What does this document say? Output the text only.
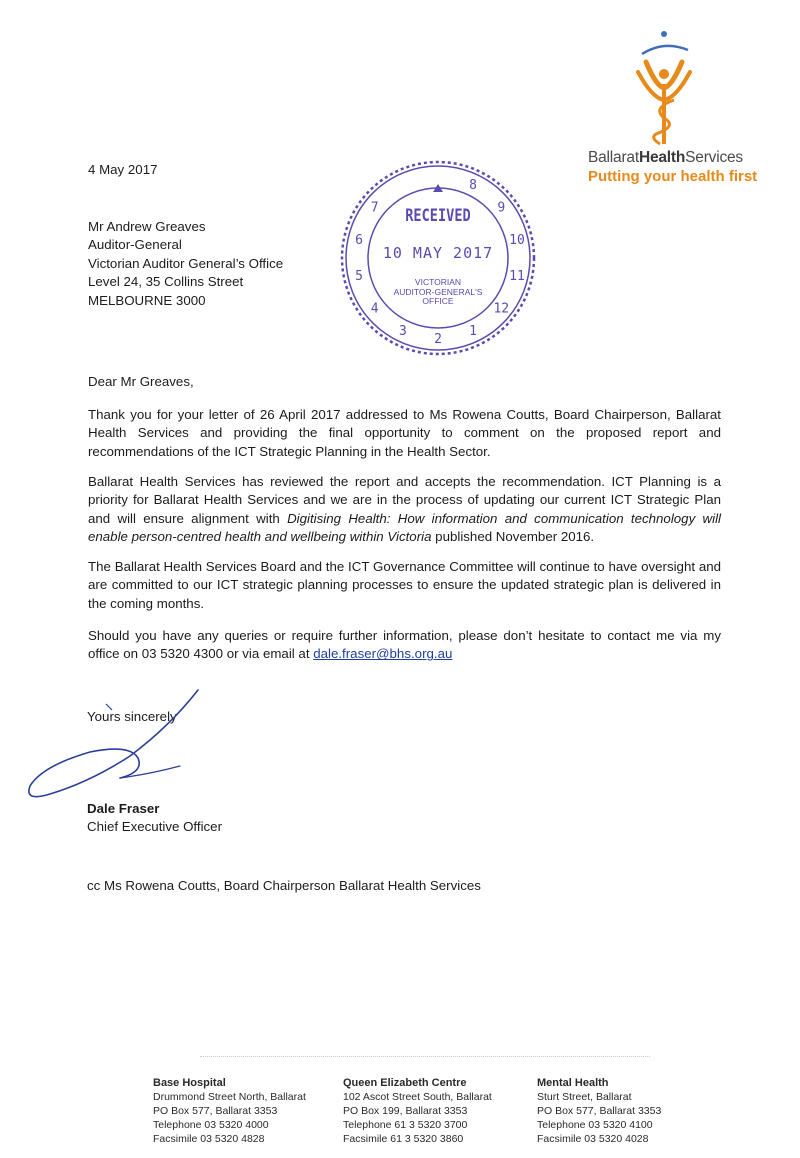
BallaratHealthServices
Putting your health first
4 May 2017
Mr Andrew Greaves
Auditor-General
Victorian Auditor General’s Office
Level 24, 35 Collins Street
MELBOURNE 3000
8
9
10
11
12
1
2
3
4
5
6
7	RECEIVED
10 MAY 2017
VICTORIAN
AUDITOR-GENERAL'S
OFFICE
Dear Mr Greaves,
Thank you for your letter of 26 April 2017 addressed to Ms Rowena Coutts, Board Chairperson, Ballarat Health Services and providing the final opportunity to comment on the proposed report and recommendations of the ICT Strategic Planning in the Health Sector.
Ballarat Health Services has reviewed the report and accepts the recommendation. ICT Planning is a priority for Ballarat Health Services and we are in the process of updating our current ICT Strategic Plan and will ensure alignment with Digitising Health: How information and communication technology will enable person-centred health and wellbeing within Victoria published November 2016.
The Ballarat Health Services Board and the ICT Governance Committee will continue to have oversight and are committed to our ICT strategic planning processes to ensure the updated strategic plan is delivered in the coming months.
Should you have any queries or require further information, please don’t hesitate to contact me via my office on 03 5320 4300 or via email at dale.fraser@bhs.org.au
Yours sincerely
Dale Fraser
Chief Executive Officer
cc Ms Rowena Coutts, Board Chairperson Ballarat Health Services
Base Hospital
Drummond Street North, Ballarat
PO Box 577, Ballarat 3353
Telephone 03 5320 4000
Facsimile 03 5320 4828
Queen Elizabeth Centre
102 Ascot Street South, Ballarat
PO Box 199, Ballarat 3353
Telephone 61 3 5320 3700
Facsimile 61 3 5320 3860
Mental Health
Sturt Street, Ballarat
PO Box 577, Ballarat 3353
Telephone 03 5320 4100
Facsimile 03 5320 4028
